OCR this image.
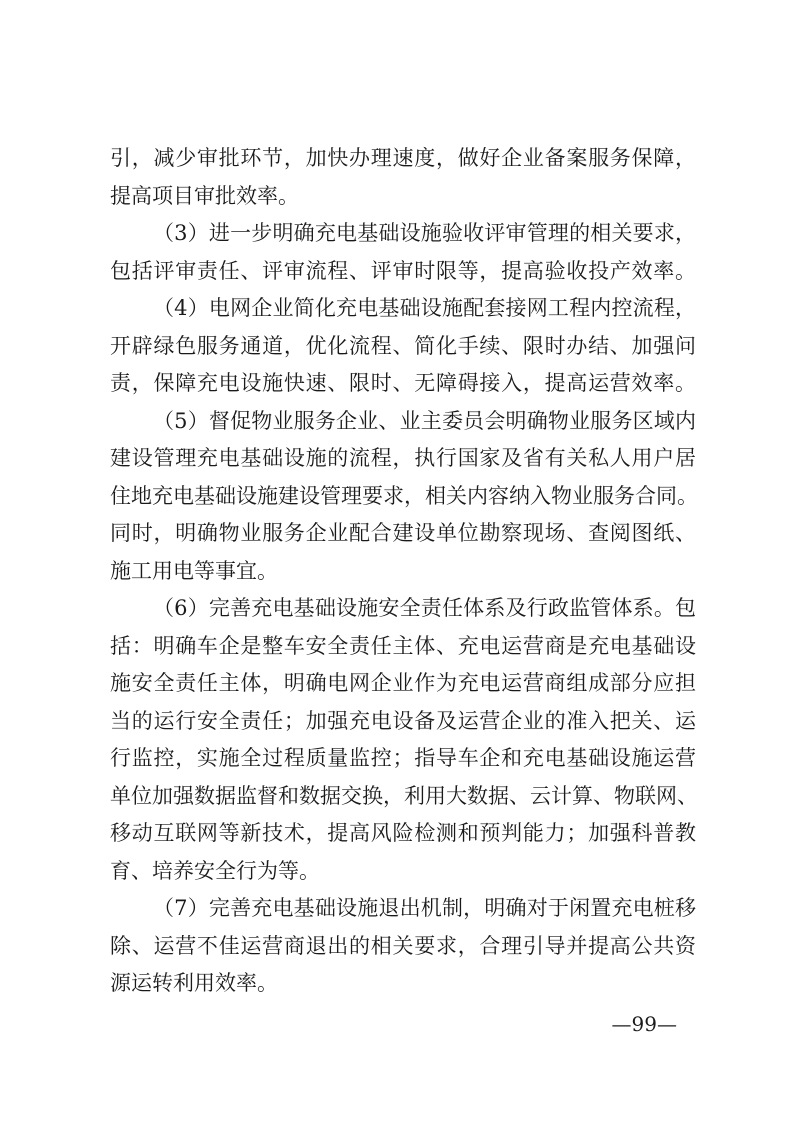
引，减少审批环节，加快办理速度，做好企业备案服务保障，
提高项目审批效率。
（3）进一步明确充电基础设施验收评审管理的相关要求，
包括评审责任、评审流程、评审时限等，提高验收投产效率。
（4）电网企业简化充电基础设施配套接网工程内控流程，
开辟绿色服务通道，优化流程、简化手续、限时办结、加强问
责，保障充电设施快速、限时、无障碍接入，提高运营效率。
（5）督促物业服务企业、业主委员会明确物业服务区域内
建设管理充电基础设施的流程，执行国家及省有关私人用户居
住地充电基础设施建设管理要求，相关内容纳入物业服务合同。
同时，明确物业服务企业配合建设单位勘察现场、查阅图纸、
施工用电等事宜。
（6）完善充电基础设施安全责任体系及行政监管体系。包
括：明确车企是整车安全责任主体、充电运营商是充电基础设
施安全责任主体，明确电网企业作为充电运营商组成部分应担
当的运行安全责任；加强充电设备及运营企业的准入把关、运
行监控，实施全过程质量监控；指导车企和充电基础设施运营
单位加强数据监督和数据交换，利用大数据、云计算、物联网、
移动互联网等新技术，提高风险检测和预判能力；加强科普教
育、培养安全行为等。
（7）完善充电基础设施退出机制，明确对于闲置充电桩移
除、运营不佳运营商退出的相关要求，合理引导并提高公共资
源运转利用效率。
—99—
